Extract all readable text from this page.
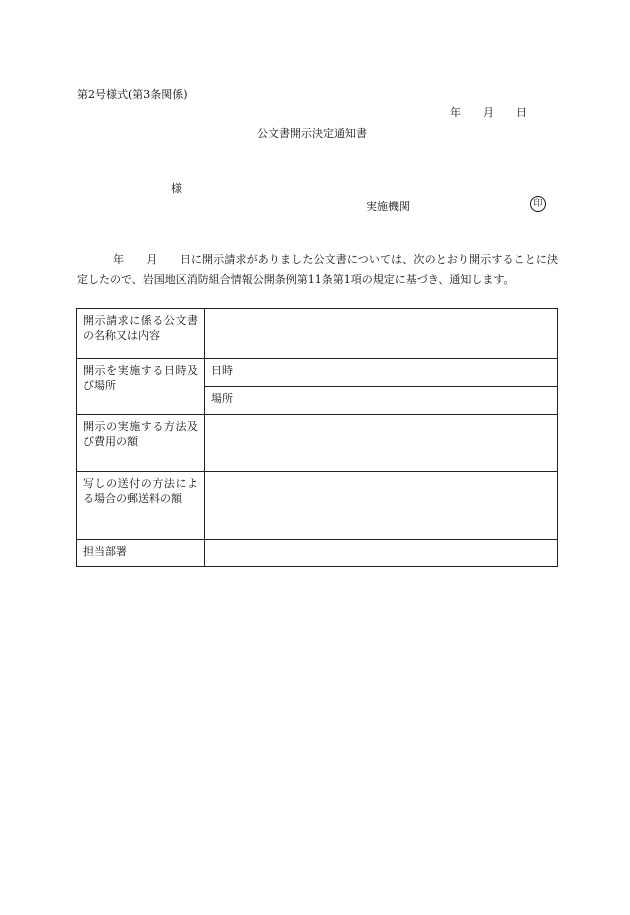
第2号様式(第3条関係)
年　　月　　日
公文書開示決定通知書
様
実施機関	印
年　　 月　　 日に開示請求がありました公文書については、次のとおり開示することに決定したので、岩国地区消防組合情報公開条例第11条第1項の規定に基づき、通知します。
開示請求に係る公文書の名称又は内容	
開示を実施する日時及び場所	日時
	場所
開示の実施する方法及び費用の額	
写しの送付の方法による場合の郵送料の額	
担当部署	
